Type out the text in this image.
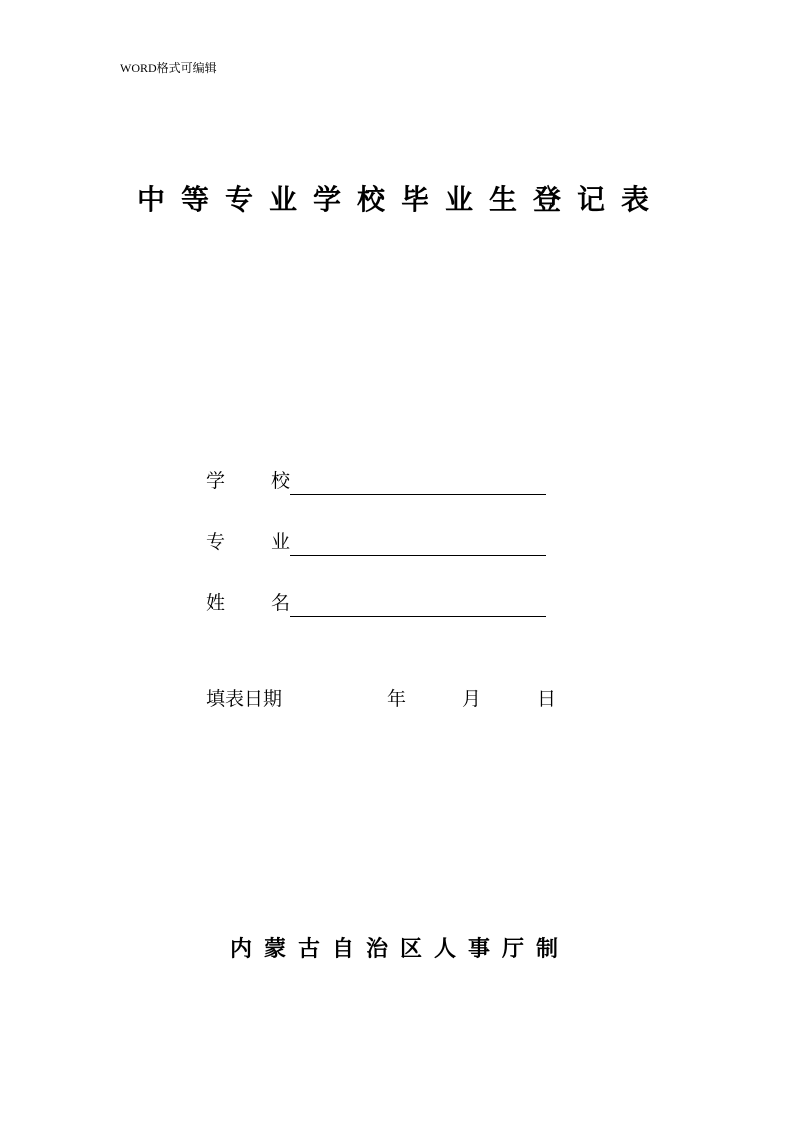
WORD格式可编辑
中等专业学校毕业生登记表
学 校
专 业
姓 名
填表日期	年	月	日
内蒙古自治区人事厅制
